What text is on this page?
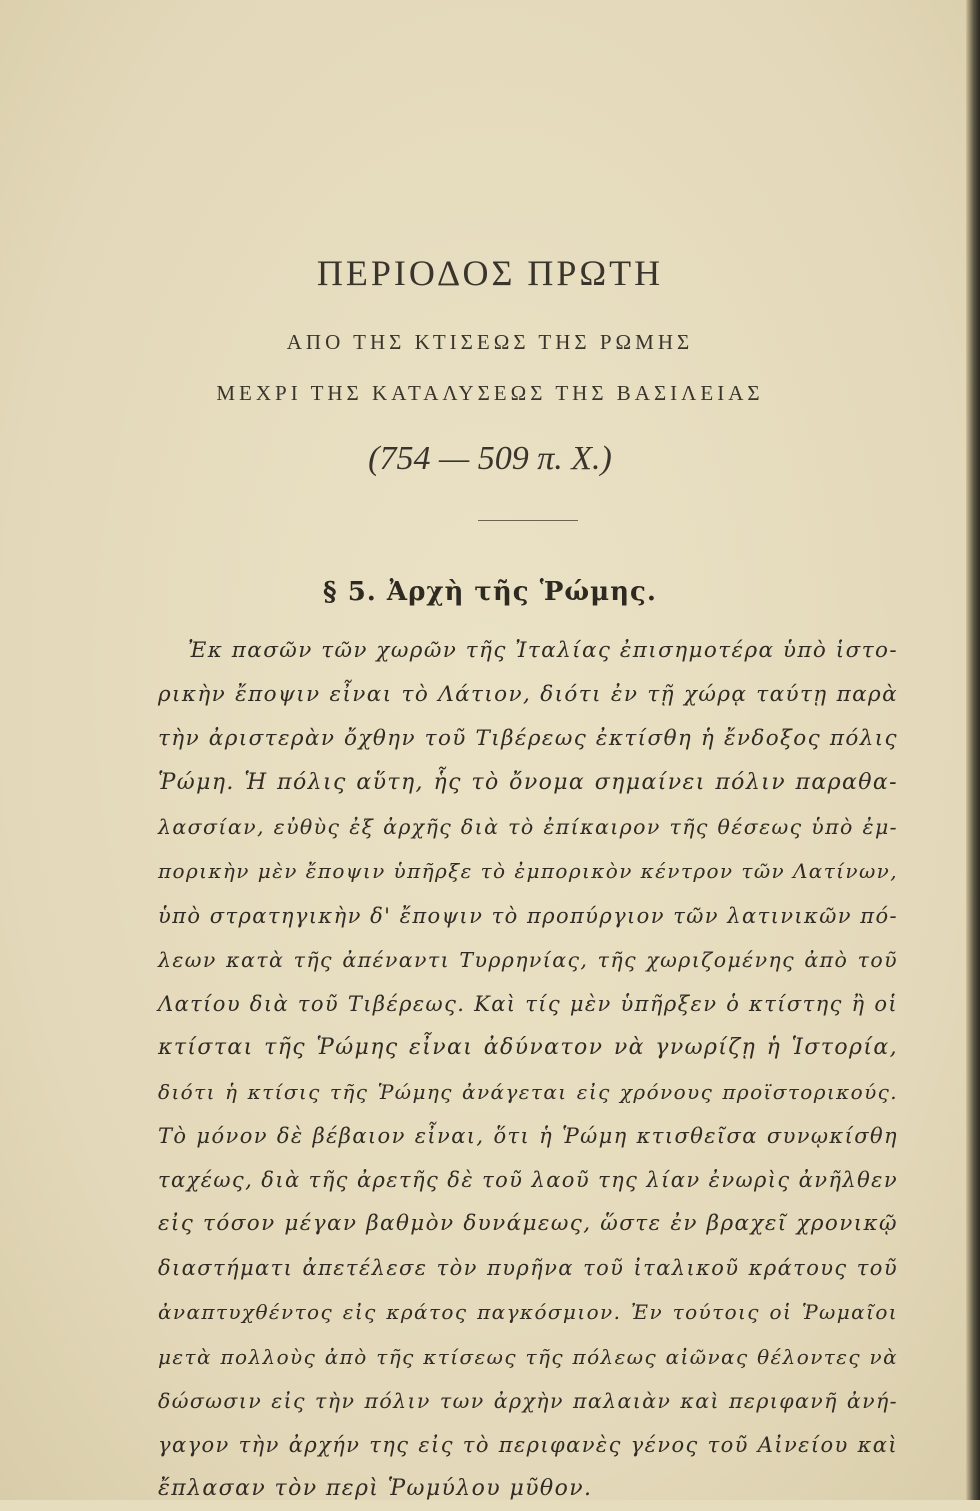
ΠΕΡΙΟΔΟΣ ΠΡΩΤΗ
ΑΠΟ ΤΗΣ ΚΤΙΣΕΩΣ ΤΗΣ ΡΩΜΗΣ
ΜΕΧΡΙ ΤΗΣ ΚΑΤΑΛΥΣΕΩΣ ΤΗΣ ΒΑΣΙΛΕΙΑΣ
(754 — 509 π. Χ.)
§ 5. Ἀρχὴ τῆς Ῥώμης.
Ἐκ πασῶν τῶν χωρῶν τῆς Ἰταλίας ἐπισημοτέρα ὑπὸ ἱστο-
ρικὴν ἔποψιν εἶναι τὸ Λάτιον, διότι ἐν τῇ χώρᾳ ταύτῃ παρὰ
τὴν ἀριστερὰν ὄχθην τοῦ Τιβέρεως ἐκτίσθη ἡ ἔνδοξος πόλις
Ῥώμη. Ἡ πόλις αὕτη, ἧς τὸ ὄνομα σημαίνει πόλιν παραθα-
λασσίαν, εὐθὺς ἐξ ἀρχῆς διὰ τὸ ἐπίκαιρον τῆς θέσεως ὑπὸ ἐμ-
πορικὴν μὲν ἔποψιν ὑπῆρξε τὸ ἐμπορικὸν κέντρον τῶν Λατίνων,
ὑπὸ στρατηγικὴν δ' ἔποψιν τὸ προπύργιον τῶν λατινικῶν πό-
λεων κατὰ τῆς ἀπέναντι Τυρρηνίας, τῆς χωριζομένης ἀπὸ τοῦ
Λατίου διὰ τοῦ Τιβέρεως. Καὶ τίς μὲν ὑπῆρξεν ὁ κτίστης ἢ οἱ
κτίσται τῆς Ῥώμης εἶναι ἀδύνατον νὰ γνωρίζῃ ἡ Ἱστορία,
διότι ἡ κτίσις τῆς Ῥώμης ἀνάγεται εἰς χρόνους προϊστορικούς.
Τὸ μόνον δὲ βέβαιον εἶναι, ὅτι ἡ Ῥώμη κτισθεῖσα συνῳκίσθη
ταχέως, διὰ τῆς ἀρετῆς δὲ τοῦ λαοῦ της λίαν ἐνωρὶς ἀνῆλθεν
εἰς τόσον μέγαν βαθμὸν δυνάμεως, ὥστε ἐν βραχεῖ χρονικῷ
διαστήματι ἀπετέλεσε τὸν πυρῆνα τοῦ ἰταλικοῦ κράτους τοῦ
ἀναπτυχθέντος εἰς κράτος παγκόσμιον. Ἐν τούτοις οἱ Ῥωμαῖοι
μετὰ πολλοὺς ἀπὸ τῆς κτίσεως τῆς πόλεως αἰῶνας θέλοντες νὰ
δώσωσιν εἰς τὴν πόλιν των ἀρχὴν παλαιὰν καὶ περιφανῆ ἀνή-
γαγον τὴν ἀρχήν της εἰς τὸ περιφανὲς γένος τοῦ Αἰνείου καὶ
ἔπλασαν τὸν περὶ Ῥωμύλου μῦθον.
